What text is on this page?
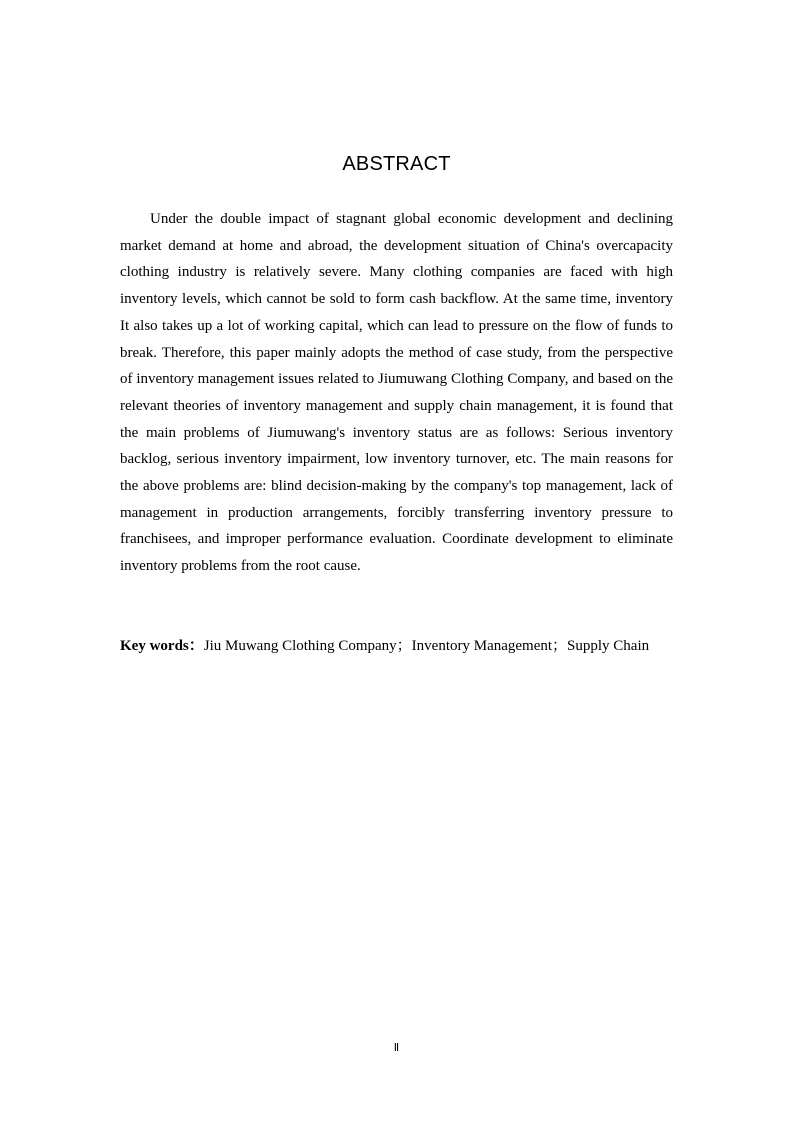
ABSTRACT

Under the double impact of stagnant global economic development and declining market demand at home and abroad, the development situation of China's overcapacity clothing industry is relatively severe. Many clothing companies are faced with high inventory levels, which cannot be sold to form cash backflow. At the same time, inventory It also takes up a lot of working capital, which can lead to pressure on the flow of funds to break. Therefore, this paper mainly adopts the method of case study, from the perspective of inventory management issues related to Jiumuwang Clothing Company, and based on the relevant theories of inventory management and supply chain management, it is found that the main problems of Jiumuwang's inventory status are as follows: Serious inventory backlog, serious inventory impairment, low inventory turnover, etc. The main reasons for the above problems are: blind decision-making by the company's top management, lack of management in production arrangements, forcibly transferring inventory pressure to franchisees, and improper performance evaluation. Coordinate development to eliminate inventory problems from the root cause.

Key words：Jiu Muwang Clothing Company；Inventory Management；Supply Chain

Ⅱ
